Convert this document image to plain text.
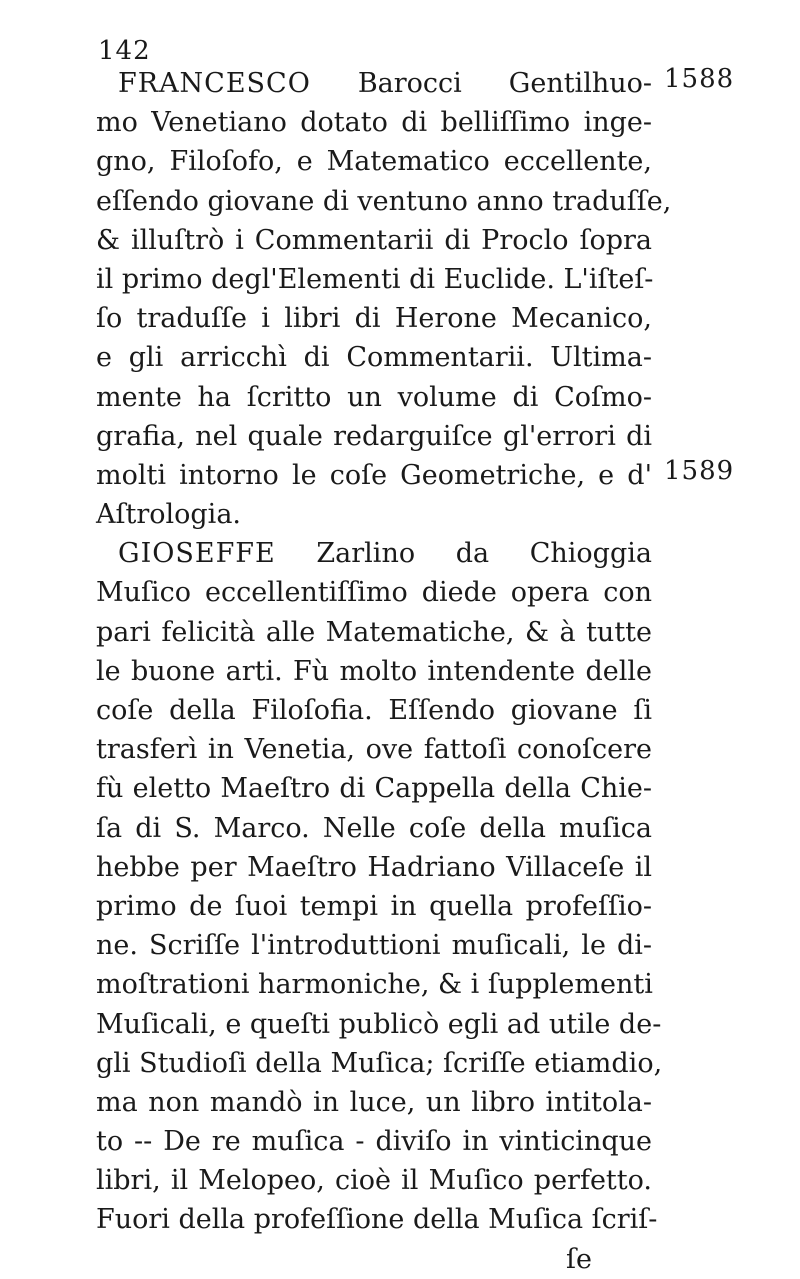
142
1588
1589
FRANCESCO Barocci Gentilhuo-
mo Venetiano dotato di belliſſimo inge-
gno, Filoſofo, e Matematico eccellente,
eſſendo giovane di ventuno anno traduſſe,
& illuſtrò i Commentarii di Proclo ſopra
il primo degl'Elementi di Euclide. L'iſteſ-
ſo traduſſe i libri di Herone Mecanico,
e gli arricchì di Commentarii. Ultima-
mente ha ſcritto un volume di Coſmo-
grafia, nel quale redarguiſce gl'errori di
molti intorno le coſe Geometriche, e d'
Aſtrologia.
GIOSEFFE Zarlino da Chioggia
Muſico eccellentiſſimo diede opera con
pari felicità alle Matematiche, & à tutte
le buone arti. Fù molto intendente delle
coſe della Filoſofia. Eſſendo giovane ſi
trasferì in Venetia, ove fattoſi conoſcere
fù eletto Maeſtro di Cappella della Chie-
ſa di S. Marco. Nelle coſe della muſica
hebbe per Maeſtro Hadriano Villaceſe il
primo de ſuoi tempi in quella profeſſio-
ne. Scriſſe l'introduttioni muſicali, le di-
moſtrationi harmoniche, & i ſupplementi
Muſicali, e queſti publicò egli ad utile de-
gli Studioſi della Muſica; ſcriſſe etiamdio,
ma non mandò in luce, un libro intitola-
to -- De re muſica - diviſo in vinticinque
libri, il Melopeo, cioè il Muſico perfetto.
Fuori della profeſſione della Muſica ſcriſ-
ſe
